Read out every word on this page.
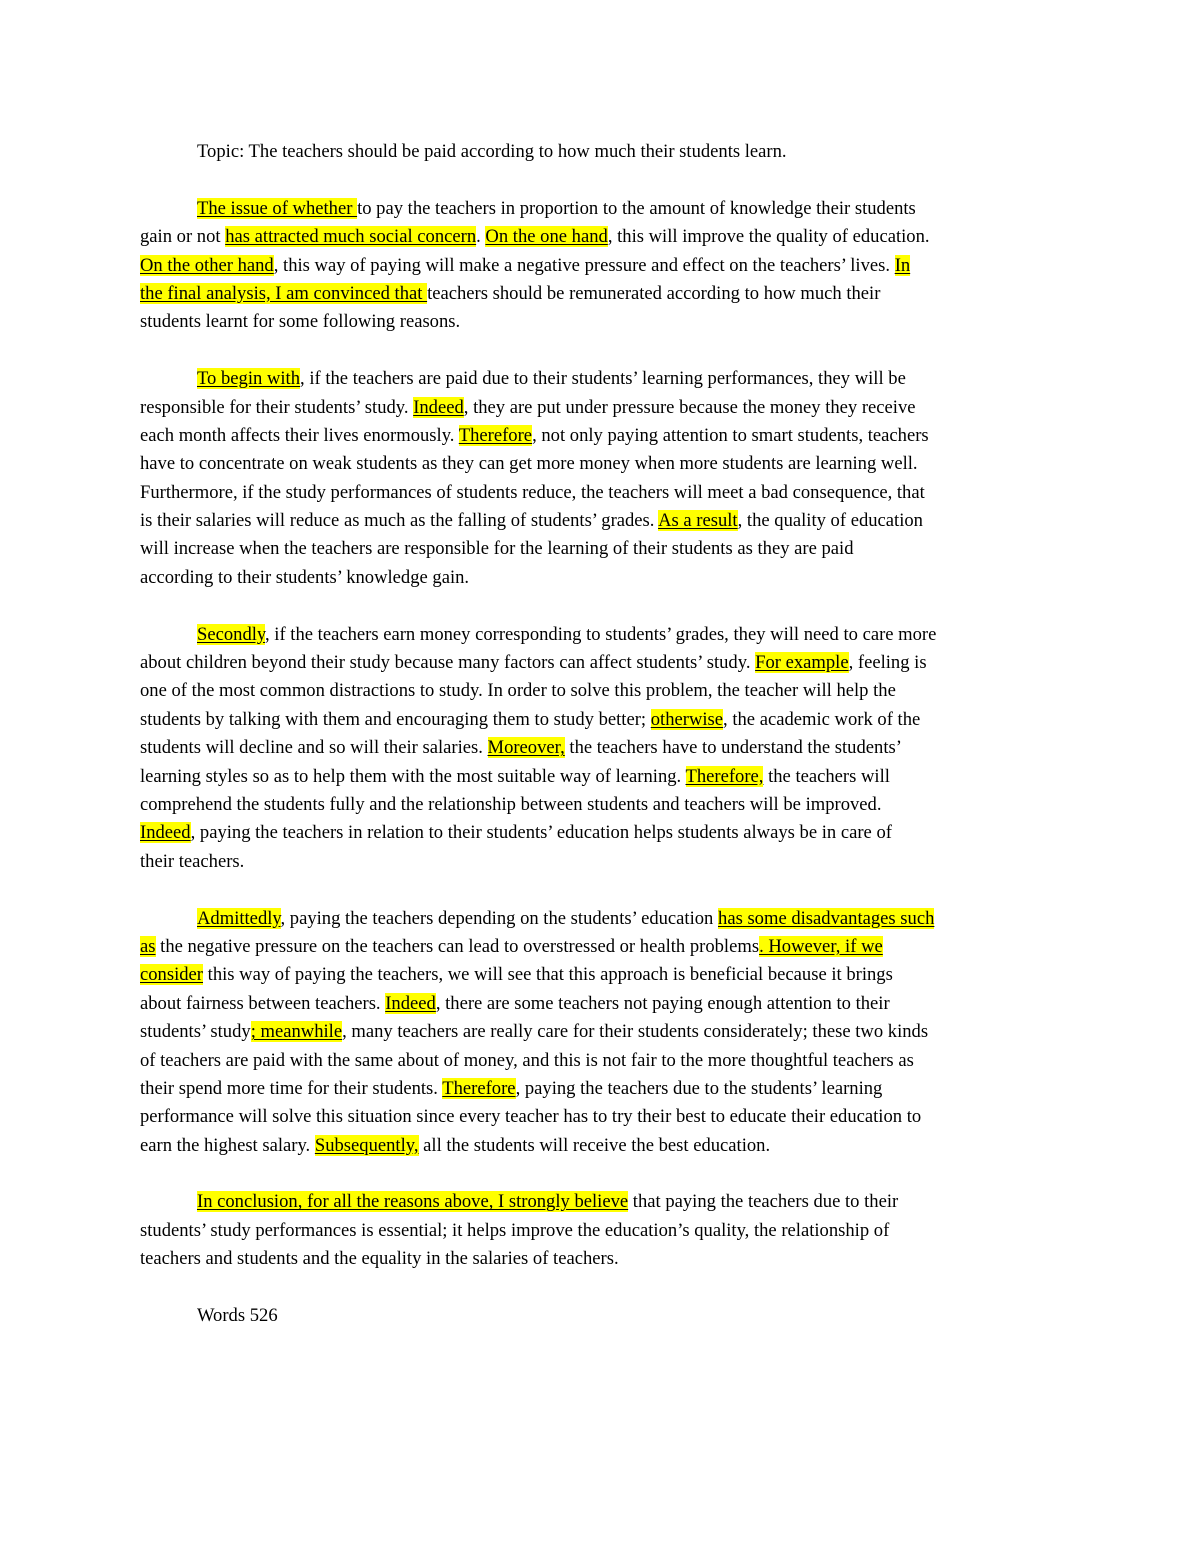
Topic: The teachers should be paid according to how much their students learn.
The issue of whether to pay the teachers in proportion to the amount of knowledge their students
gain or not has attracted much social concern. On the one hand, this will improve the quality of education.
On the other hand, this way of paying will make a negative pressure and effect on the teachers’ lives. In
the final analysis, I am convinced that teachers should be remunerated according to how much their
students learnt for some following reasons.
To begin with, if the teachers are paid due to their students’ learning performances, they will be
responsible for their students’ study. Indeed, they are put under pressure because the money they receive
each month affects their lives enormously. Therefore, not only paying attention to smart students, teachers
have to concentrate on weak students as they can get more money when more students are learning well.
Furthermore, if the study performances of students reduce, the teachers will meet a bad consequence, that
is their salaries will reduce as much as the falling of students’ grades. As a result, the quality of education
will increase when the teachers are responsible for the learning of their students as they are paid
according to their students’ knowledge gain.
Secondly, if the teachers earn money corresponding to students’ grades, they will need to care more
about children beyond their study because many factors can affect students’ study. For example, feeling is
one of the most common distractions to study. In order to solve this problem, the teacher will help the
students by talking with them and encouraging them to study better; otherwise, the academic work of the
students will decline and so will their salaries. Moreover, the teachers have to understand the students’
learning styles so as to help them with the most suitable way of learning. Therefore, the teachers will
comprehend the students fully and the relationship between students and teachers will be improved.
Indeed, paying the teachers in relation to their students’ education helps students always be in care of
their teachers.
Admittedly, paying the teachers depending on the students’ education has some disadvantages such
as the negative pressure on the teachers can lead to overstressed or health problems. However, if we
consider this way of paying the teachers, we will see that this approach is beneficial because it brings
about fairness between teachers. Indeed, there are some teachers not paying enough attention to their
students’ study; meanwhile, many teachers are really care for their students considerately; these two kinds
of teachers are paid with the same about of money, and this is not fair to the more thoughtful teachers as
their spend more time for their students. Therefore, paying the teachers due to the students’ learning
performance will solve this situation since every teacher has to try their best to educate their education to
earn the highest salary. Subsequently, all the students will receive the best education.
In conclusion, for all the reasons above, I strongly believe that paying the teachers due to their
students’ study performances is essential; it helps improve the education’s quality, the relationship of
teachers and students and the equality in the salaries of teachers.
Words 526
